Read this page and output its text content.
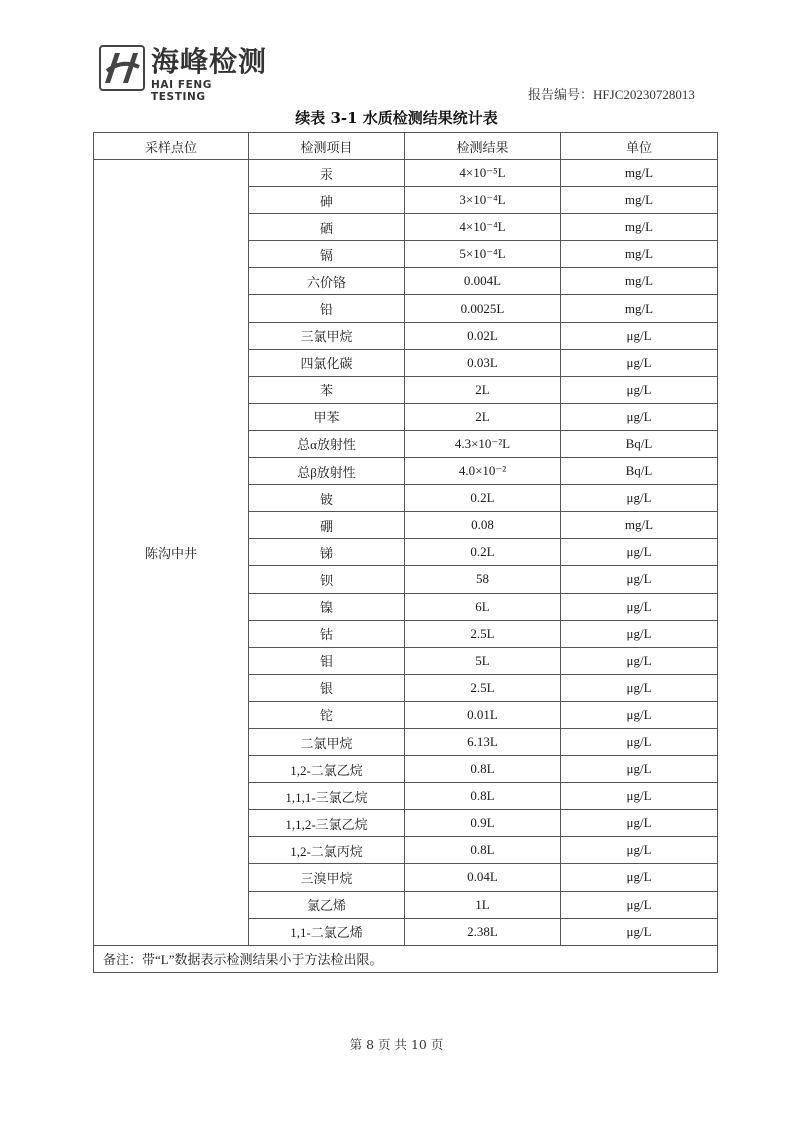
海峰检测
HAI FENG TESTING	报告编号：HFJC20230728013
续表 3-1 水质检测结果统计表
采样点位	检测项目	检测结果	单位
陈沟中井	汞	4×10⁻⁵L	mg/L
	砷	3×10⁻⁴L	mg/L
	硒	4×10⁻⁴L	mg/L
	镉	5×10⁻⁴L	mg/L
	六价铬	0.004L	mg/L
	铅	0.0025L	mg/L
	三氯甲烷	0.02L	μg/L
	四氯化碳	0.03L	μg/L
	苯	2L	μg/L
	甲苯	2L	μg/L
	总α放射性	4.3×10⁻²L	Bq/L
	总β放射性	4.0×10⁻²	Bq/L
	铍	0.2L	μg/L
	硼	0.08	mg/L
	锑	0.2L	μg/L
	钡	58	μg/L
	镍	6L	μg/L
	钴	2.5L	μg/L
	钼	5L	μg/L
	银	2.5L	μg/L
	铊	0.01L	μg/L
	二氯甲烷	6.13L	μg/L
	1,2-二氯乙烷	0.8L	μg/L
	1,1,1-三氯乙烷	0.8L	μg/L
	1,1,2-三氯乙烷	0.9L	μg/L
	1,2-二氯丙烷	0.8L	μg/L
	三溴甲烷	0.04L	μg/L
	氯乙烯	1L	μg/L
	1,1-二氯乙烯	2.38L	μg/L
备注：带“L”数据表示检测结果小于方法检出限。			
第 8 页 共 10 页
